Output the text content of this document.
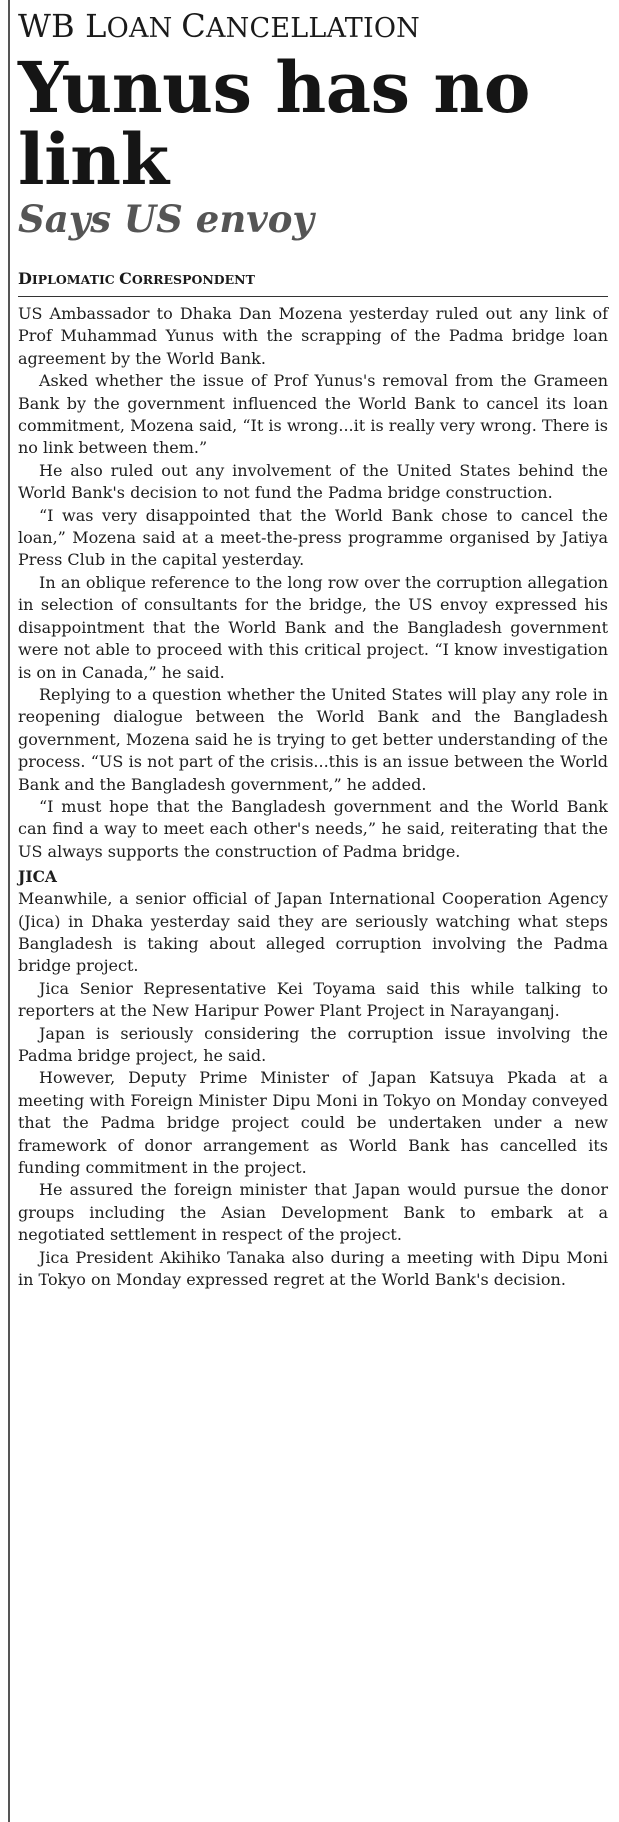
WB LOAN CANCELLATION
Yunus has no link
Says US envoy
DIPLOMATIC CORRESPONDENT

US Ambassador to Dhaka Dan Mozena yesterday ruled out any link of Prof Muhammad Yunus with the scrapping of the Padma bridge loan agreement by the World Bank.

Asked whether the issue of Prof Yunus's removal from the Grameen Bank by the government influenced the World Bank to cancel its loan commitment, Mozena said, “It is wrong...it is really very wrong. There is no link between them.”

He also ruled out any involvement of the United States behind the World Bank's decision to not fund the Padma bridge construction.

“I was very disappointed that the World Bank chose to cancel the loan,” Mozena said at a meet-the-press programme organised by Jatiya Press Club in the capital yesterday.

In an oblique reference to the long row over the corruption allegation in selection of consultants for the bridge, the US envoy expressed his disappointment that the World Bank and the Bangladesh government were not able to proceed with this critical project. “I know investigation is on in Canada,” he said.

Replying to a question whether the United States will play any role in reopening dialogue between the World Bank and the Bangladesh government, Mozena said he is trying to get better understanding of the process. “US is not part of the crisis...this is an issue between the World Bank and the Bangladesh government,” he added.

“I must hope that the Bangladesh government and the World Bank can find a way to meet each other's needs,” he said, reiterating that the US always supports the construction of Padma bridge.

JICA

Meanwhile, a senior official of Japan International Cooperation Agency (Jica) in Dhaka yesterday said they are seriously watching what steps Bangladesh is taking about alleged corruption involving the Padma bridge project.

Jica Senior Representative Kei Toyama said this while talking to reporters at the New Haripur Power Plant Project in Narayanganj.

Japan is seriously considering the corruption issue involving the Padma bridge project, he said.

However, Deputy Prime Minister of Japan Katsuya Pkada at a meeting with Foreign Minister Dipu Moni in Tokyo on Monday conveyed that the Padma bridge project could be undertaken under a new framework of donor arrangement as World Bank has cancelled its funding commitment in the project.

He assured the foreign minister that Japan would pursue the donor groups including the Asian Development Bank to embark at a negotiated settlement in respect of the project.

Jica President Akihiko Tanaka also during a meeting with Dipu Moni in Tokyo on Monday expressed regret at the World Bank's decision.
